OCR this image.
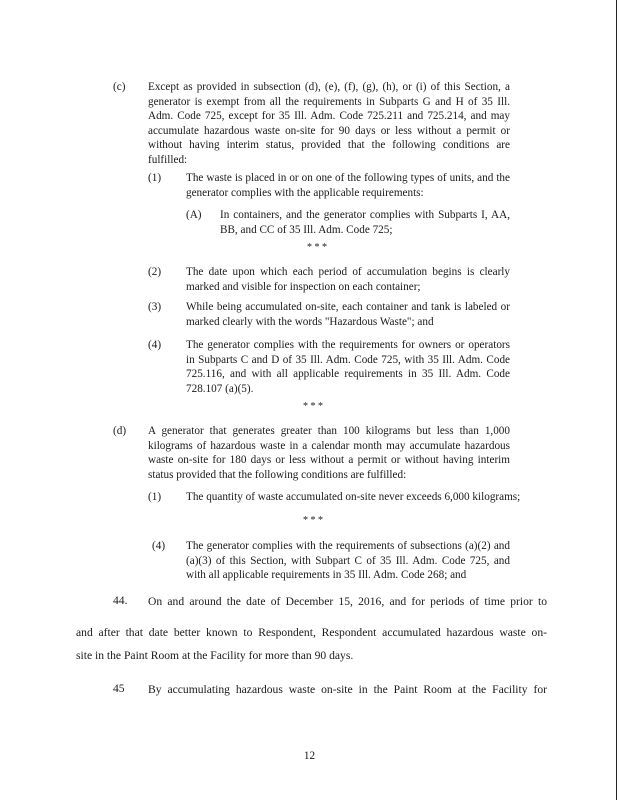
(c) Except as provided in subsection (d), (e), (f), (g), (h), or (i) of this Section, a generator is exempt from all the requirements in Subparts G and H of 35 Ill. Adm. Code 725, except for 35 Ill. Adm. Code 725.211 and 725.214, and may accumulate hazardous waste on-site for 90 days or less without a permit or without having interim status, provided that the following conditions are fulfilled:
(1) The waste is placed in or on one of the following types of units, and the generator complies with the applicable requirements:
(A) In containers, and the generator complies with Subparts I, AA, BB, and CC of 35 Ill. Adm. Code 725;
* * *
(2) The date upon which each period of accumulation begins is clearly marked and visible for inspection on each container;
(3) While being accumulated on-site, each container and tank is labeled or marked clearly with the words "Hazardous Waste"; and
(4) The generator complies with the requirements for owners or operators in Subparts C and D of 35 Ill. Adm. Code 725, with 35 Ill. Adm. Code 725.116, and with all applicable requirements in 35 Ill. Adm. Code 728.107 (a)(5).
* * *
(d) A generator that generates greater than 100 kilograms but less than 1,000 kilograms of hazardous waste in a calendar month may accumulate hazardous waste on-site for 180 days or less without a permit or without having interim status provided that the following conditions are fulfilled:
(1) The quantity of waste accumulated on-site never exceeds 6,000 kilograms;
* * *
(4) The generator complies with the requirements of subsections (a)(2) and (a)(3) of this Section, with Subpart C of 35 Ill. Adm. Code 725, and with all applicable requirements in 35 Ill. Adm. Code 268; and
44. On and around the date of December 15, 2016, and for periods of time prior to
and after that date better known to Respondent, Respondent accumulated hazardous waste on-
site in the Paint Room at the Facility for more than 90 days.
45 By accumulating hazardous waste on-site in the Paint Room at the Facility for
12
